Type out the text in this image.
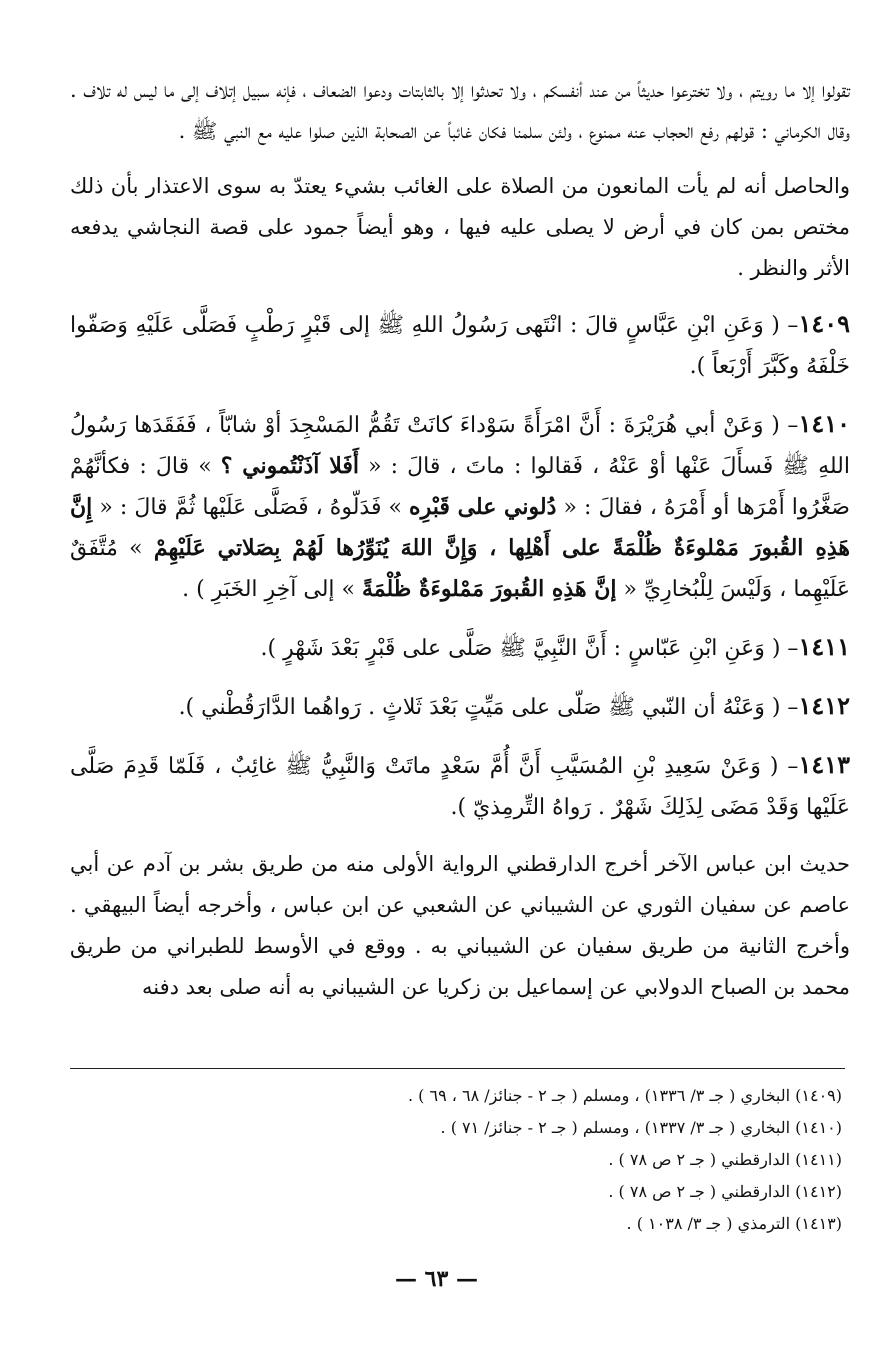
تقولوا إلا ما رويتم ، ولا تخترعوا حديثاً من عند أنفسكم ، ولا تحدثوا إلا بالثابتات ودعوا الضعاف ، فإنه سبيل إتلاف إلى ما ليس له تلاف . وقال الكرماني : قولهم رفع الحجاب عنه ممنوع ، ولئن سلمنا فكان غائباً عن الصحابة الذين صلوا عليه مع النبي ﷺ .

والحاصل أنه لم يأت المانعون من الصلاة على الغائب بشيء يعتدّ به سوى الاعتذار بأن ذلك مختص بمن كان في أرض لا يصلى عليه فيها ، وهو أيضاً جمود على قصة النجاشي يدفعه الأثر والنظر .

١٤٠٩– ( وَعَنِ ابْنِ عَبَّاسٍ قالَ : انْتَهى رَسُولُ اللهِ ﷺ إلى قَبْرٍ رَطْبٍ فَصَلَّى عَلَيْهِ وَصَفّوا خَلْفَهُ وكَبَّرَ أَرْبَعاً ).

١٤١٠– ( وَعَنْ أبي هُرَيْرَةَ : أَنَّ امْرَأَةً سَوْداءَ كانَتْ تَقُمُّ المَسْجِدَ أوْ شابّاً ، فَفَقَدَها رَسُولُ اللهِ ﷺ فَسأَلَ عَنْها أوْ عَنْهُ ، فَقالوا : ماتَ ، قالَ : « أَفَلا آذَنْتُموني ؟ » قالَ : فكأنَّهُمْ صَغَّرُوا أَمْرَها أو أَمْرَهُ ، فقالَ : « دُلوني على قَبْرِه » فَدَلّوهُ ، فَصَلَّى عَلَيْها ثُمَّ قالَ : « إِنَّ هَذِهِ القُبورَ مَمْلوءَةٌ ظُلْمَةً على أَهْلِها ، وَإِنَّ اللهَ يُنَوِّرُها لَهُمْ بِصَلاتي عَلَيْهِمْ » مُتَّفَقٌ عَلَيْهِما ، وَلَيْسَ لِلْبُخارِيِّ « إنَّ هَذِهِ القُبورَ مَمْلوءَةٌ ظُلْمَةً » إلى آخِرِ الخَبَرِ ) .

١٤١١– ( وَعَنِ ابْنِ عَبّاسٍ : أَنَّ النَّبِيَّ ﷺ صَلَّى على قَبْرٍ بَعْدَ شَهْرٍ ).

١٤١٢– ( وَعَنْهُ أن النّبي ﷺ صَلّى على مَيِّتٍ بَعْدَ ثَلاثٍ . رَواهُما الدَّارَقُطْني ).

١٤١٣– ( وَعَنْ سَعِيدِ بْنِ المُسَيَّبِ أَنَّ أُمَّ سَعْدٍ ماتَتْ وَالنَّبِيُّ ﷺ غائِبٌ ، فَلَمّا قَدِمَ صَلَّى عَلَيْها وَقَدْ مَضَى لِذَلِكَ شَهْرٌ . رَواهُ التِّرمِذيّ ).

حديث ابن عباس الآخر أخرج الدارقطني الرواية الأولى منه من طريق بشر بن آدم عن أبي عاصم عن سفيان الثوري عن الشيباني عن الشعبي عن ابن عباس ، وأخرجه أيضاً البيهقي . وأخرج الثانية من طريق سفيان عن الشيباني به . ووقع في الأوسط للطبراني من طريق محمد بن الصباح الدولابي عن إسماعيل بن زكريا عن الشيباني به أنه صلى بعد دفنه

(١٤٠٩) البخاري ( جـ ٣/ ١٣٣٦) ، ومسلم ( جـ ٢ - جنائز/ ٦٨ ، ٦٩ ) .

(١٤١٠) البخاري ( جـ ٣/ ١٣٣٧) ، ومسلم ( جـ ٢ - جنائز/ ٧١ ) .

(١٤١١) الدارقطني ( جـ ٢ ص ٧٨ ) .

(١٤١٢) الدارقطني ( جـ ٢ ص ٧٨ ) .

(١٤١٣) الترمذي ( جـ ٣/ ١٠٣٨ ) .

— ٦٣ —
